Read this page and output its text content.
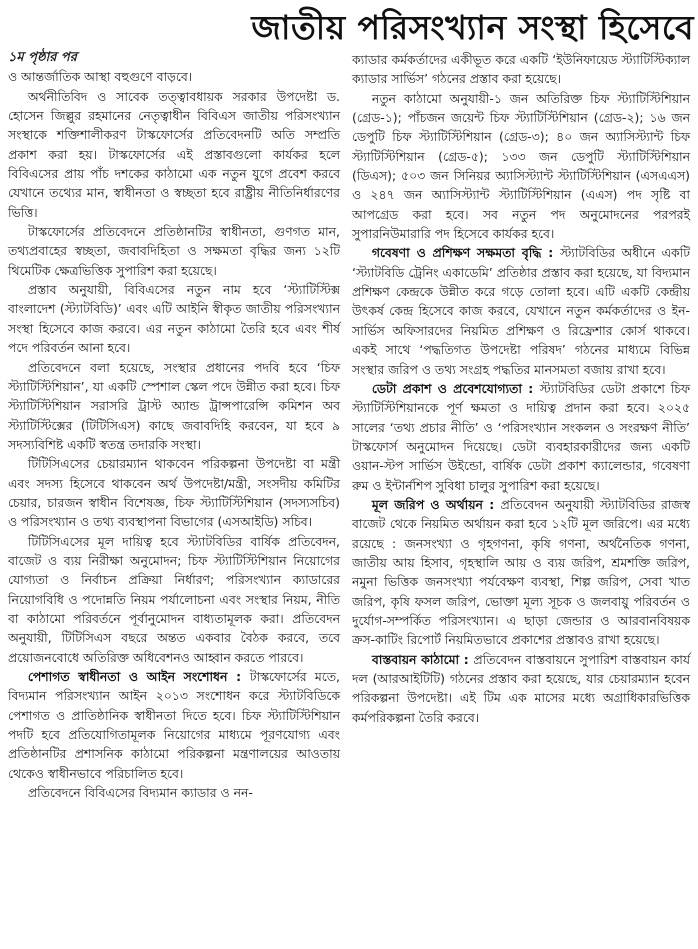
জাতীয় পরিসংখ্যান সংস্থা হিসেবে
১ম পৃষ্ঠার পর

ও আন্তর্জাতিক আস্থা বহুগুণে বাড়বে।

অর্থনীতিবিদ ও সাবেক তত্ত্বাবধায়ক সরকার উপদেষ্টা ড. হোসেন জিল্লুর রহমানের নেতৃত্বাধীন বিবিএস জাতীয় পরিসংখ্যান সংস্থাকে শক্তিশালীকরণ টাস্কফোর্সের প্রতিবেদনটি অতি সম্প্রতি প্রকাশ করা হয়। টাস্কফোর্সের এই প্রস্তাবগুলো কার্যকর হলে বিবিএসের প্রায় পাঁচ দশকের কাঠামো এক নতুন যুগে প্রবেশ করবে যেখানে তথ্যের মান, স্বাধীনতা ও স্বচ্ছতা হবে রাষ্ট্রীয় নীতিনির্ধারণের ভিত্তি।

টাস্কফোর্সের প্রতিবেদনে প্রতিষ্ঠানটির স্বাধীনতা, গুণগত মান, তথ্যপ্রবাহের স্বচ্ছতা, জবাবদিহিতা ও সক্ষমতা বৃদ্ধির জন্য ১২টি থিমেটিক ক্ষেত্রভিত্তিক সুপারিশ করা হয়েছে।

প্রস্তাব অনুযায়ী, বিবিএসের নতুন নাম হবে ‘স্ট্যাটিস্টিক্স বাংলাদেশ (স্ট্যাটবিডি)’ এবং এটি আইনি স্বীকৃত জাতীয় পরিসংখ্যান সংস্থা হিসেবে কাজ করবে। এর নতুন কাঠামো তৈরি হবে এবং শীর্ষ পদে পরিবর্তন আনা হবে।

প্রতিবেদনে বলা হয়েছে, সংস্থার প্রধানের পদবি হবে ‘চিফ স্ট্যাটিস্টিশিয়ান’, যা একটি স্পেশাল স্কেল পদে উন্নীত করা হবে। চিফ স্ট্যাটিস্টিশিয়ান সরাসরি ট্রাস্ট অ্যান্ড ট্রান্সপারেন্সি কমিশন অব স্ট্যাটিস্টিক্সের (টিটিসিএস) কাছে জবাবদিহি করবেন, যা হবে ৯ সদস্যবিশিষ্ট একটি স্বতন্ত্র তদারকি সংস্থা।

টিটিসিএসের চেয়ারম্যান থাকবেন পরিকল্পনা উপদেষ্টা বা মন্ত্রী এবং সদস্য হিসেবে থাকবেন অর্থ উপদেষ্টা/মন্ত্রী, সংসদীয় কমিটির চেয়ার, চারজন স্বাধীন বিশেষজ্ঞ, চিফ স্ট্যাটিস্টিশিয়ান (সদস্যসচিব) ও পরিসংখ্যান ও তথ্য ব্যবস্থাপনা বিভাগের (এসআইডি) সচিব।

টিটিসিএসের মূল দায়িত্ব হবে স্ট্যাটবিডির বার্ষিক প্রতিবেদন, বাজেট ও ব্যয় নিরীক্ষা অনুমোদন; চিফ স্ট্যাটিস্টিশিয়ান নিয়োগের যোগ্যতা ও নির্বাচন প্রক্রিয়া নির্ধারণ; পরিসংখ্যান ক্যাডারের নিয়োগবিধি ও পদোন্নতি নিয়ম পর্যালোচনা এবং সংস্থার নিয়ম, নীতি বা কাঠামো পরিবর্তনে পূর্বানুমোদন বাধ্যতামূলক করা। প্রতিবেদন অনুযায়ী, টিটিসিএস বছরে অন্তত একবার বৈঠক করবে, তবে প্রয়োজনবোধে অতিরিক্ত অধিবেশনও আহ্বান করতে পারবে।

পেশাগত স্বাধীনতা ও আইন সংশোধন : টাস্কফোর্সের মতে, বিদ্যমান পরিসংখ্যান আইন ২০১৩ সংশোধন করে স্ট্যাটবিডিকে পেশাগত ও প্রাতিষ্ঠানিক স্বাধীনতা দিতে হবে। চিফ স্ট্যাটিস্টিশিয়ান পদটি হবে প্রতিযোগিতামূলক নিয়োগের মাধ্যমে পূরণযোগ্য এবং প্রতিষ্ঠানটির প্রশাসনিক কাঠামো পরিকল্পনা মন্ত্রণালয়ের আওতায় থেকেও স্বাধীনভাবে পরিচালিত হবে।

প্রতিবেদনে বিবিএসের বিদ্যমান ক্যাডার ও নন-

ক্যাডার কর্মকর্তাদের একীভূত করে একটি ‘ইউনিফায়েড স্ট্যাটিস্টিক্যাল ক্যাডার সার্ভিস’ গঠনের প্রস্তাব করা হয়েছে।

নতুন কাঠামো অনুযায়ী-১ জন অতিরিক্ত চিফ স্ট্যাটিস্টিশিয়ান (গ্রেড-১); পাঁচজন জয়েন্ট চিফ স্ট্যাটিস্টিশিয়ান (গ্রেড-২); ১৬ জন ডেপুটি চিফ স্ট্যাটিস্টিশিয়ান (গ্রেড-৩); ৪০ জন অ্যাসিস্ট্যান্ট চিফ স্ট্যাটিস্টিশিয়ান (গ্রেড-৫); ১৩৩ জন ডেপুটি স্ট্যাটিস্টিশিয়ান (ডিএস); ৫০৩ জন সিনিয়র অ্যাসিস্ট্যান্ট স্ট্যাটিস্টিশিয়ান (এসএএস) ও ২৪৭ জন অ্যাসিস্ট্যান্ট স্ট্যাটিস্টিশিয়ান (এএস) পদ সৃষ্টি বা আপগ্রেড করা হবে। সব নতুন পদ অনুমোদনের পরপরই সুপারনিউমারারি পদ হিসেবে কার্যকর হবে।

গবেষণা ও প্রশিক্ষণ সক্ষমতা বৃদ্ধি : স্ট্যাটবিডির অধীনে একটি ‘স্ট্যাটবিডি ট্রেনিং একাডেমি’ প্রতিষ্ঠার প্রস্তাব করা হয়েছে, যা বিদ্যমান প্রশিক্ষণ কেন্দ্রকে উন্নীত করে গড়ে তোলা হবে। এটি একটি কেন্দ্রীয় উৎকর্ষ কেন্দ্র হিসেবে কাজ করবে, যেখানে নতুন কর্মকর্তাদের ও ইন-সার্ভিস অফিসারদের নিয়মিত প্রশিক্ষণ ও রিফ্রেশার কোর্স থাকবে। একই সাথে ‘পদ্ধতিগত উপদেষ্টা পরিষদ’ গঠনের মাধ্যমে বিভিন্ন সংস্থার জরিপ ও তথ্য সংগ্রহ পদ্ধতির মানসমতা বজায় রাখা হবে।

ডেটা প্রকাশ ও প্রবেশযোগ্যতা : স্ট্যাটবিডির ডেটা প্রকাশে চিফ স্ট্যাটিস্টিশিয়ানকে পূর্ণ ক্ষমতা ও দায়িত্ব প্রদান করা হবে। ২০২৫ সালের ‘তথ্য প্রচার নীতি’ ও ‘পরিসংখ্যান সংকলন ও সংরক্ষণ নীতি’ টাস্কফোর্স অনুমোদন দিয়েছে। ডেটা ব্যবহারকারীদের জন্য একটি ওয়ান-স্টপ সার্ভিস উইন্ডো, বার্ষিক ডেটা প্রকাশ ক্যালেন্ডার, গবেষণা রুম ও ইন্টার্নশিপ সুবিধা চালুর সুপারিশ করা হয়েছে।

মূল জরিপ ও অর্থায়ন : প্রতিবেদন অনুযায়ী স্ট্যাটবিডির রাজস্ব বাজেট থেকে নিয়মিত অর্থায়ন করা হবে ১২টি মূল জরিপে। এর মধ্যে রয়েছে : জনসংখ্যা ও গৃহগণনা, কৃষি গণনা, অর্থনৈতিক গণনা, জাতীয় আয় হিসাব, গৃহস্থালি আয় ও ব্যয় জরিপ, শ্রমশক্তি জরিপ, নমুনা ভিত্তিক জনসংখ্যা পর্যবেক্ষণ ব্যবস্থা, শিল্প জরিপ, সেবা খাত জরিপ, কৃষি ফসল জরিপ, ভোক্তা মূল্য সূচক ও জলবায়ু পরিবর্তন ও দুর্যোগ-সম্পর্কিত পরিসংখ্যান। এ ছাড়া জেন্ডার ও আরবানবিষয়ক ক্রস-কাটিং রিপোর্ট নিয়মিতভাবে প্রকাশের প্রস্তাবও রাখা হয়েছে।

বাস্তবায়ন কাঠামো : প্রতিবেদন বাস্তবায়নে সুপারিশ বাস্তবায়ন কার্য দল (আরআইটিটি) গঠনের প্রস্তাব করা হয়েছে, যার চেয়ারম্যান হবেন পরিকল্পনা উপদেষ্টা। এই টিম এক মাসের মধ্যে অগ্রাধিকারভিত্তিক কর্মপরিকল্পনা তৈরি করবে।
